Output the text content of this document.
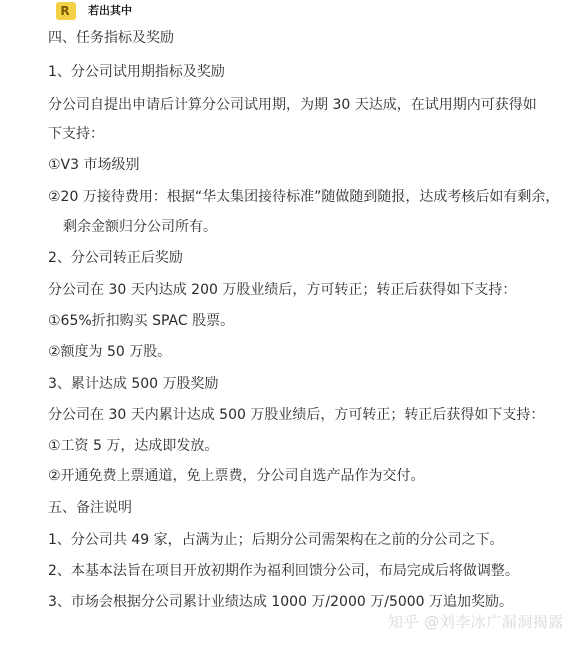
R 若出其中
四、任务指标及奖励
1、分公司试用期指标及奖励
分公司自提出申请后计算分公司试用期，为期 30 天达成，在试用期内可获得如
下支持：
①V3 市场级别
②20 万接待费用：根据“华太集团接待标准”随做随到随报，达成考核后如有剩余，
剩余金额归分公司所有。
2、分公司转正后奖励
分公司在 30 天内达成 200 万股业绩后，方可转正；转正后获得如下支持：
①65%折扣购买 SPAC 股票。
②额度为 50 万股。
3、累计达成 500 万股奖励
分公司在 30 天内累计达成 500 万股业绩后，方可转正；转正后获得如下支持：
①工资 5 万，达成即发放。
②开通免费上票通道，免上票费，分公司自选产品作为交付。
五、备注说明
1、分公司共 49 家，占满为止；后期分公司需架构在之前的分公司之下。
2、本基本法旨在项目开放初期作为福利回馈分公司，布局完成后将做调整。
3、市场会根据分公司累计业绩达成 1000 万/2000 万/5000 万追加奖励。
知乎 @刘李冰广漏洞揭露
